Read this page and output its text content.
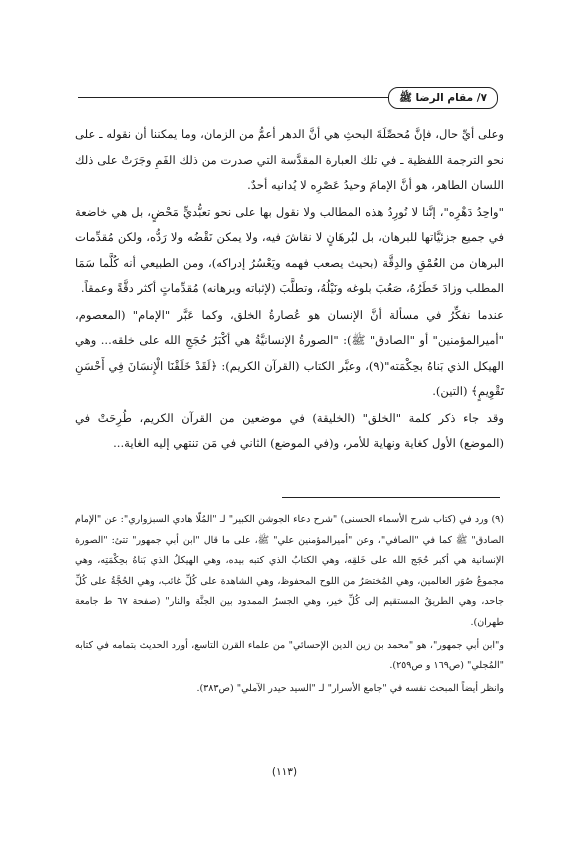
٧/ مقام الرضا ﷺ

وعلى أيِّ حال، فإنَّ مُحصِّلَةَ البحثِ هي أنَّ الدهر أعمُّ من الزمان، وما يمكننا أن نقوله ـ على نحو الترجمة اللفظية ـ في تلك العبارة المقدَّسة التي صدرت من ذلك الفَمِ وجَرَتْ على ذلك اللسان الطاهر، هو أنَّ الإمامَ وحيدُ عَصْرِه لا يُدانيه أحدٌ.

"واحِدُ دَهْرِه"، إنَّنا لا نُورِدُ هذه المطالب ولا نقول بها على نحو تعبُّديٍّ مَحْضٍ، بل هي خاضعة في جميع جزئيَّاتها للبرهان، بل لبُرهَانٍ لا نقاشَ فيه، ولا يمكن نَقْضُه ولا رَدُّه، ولكن مُقدِّمات البرهان من العُمْقِ والدِقَّة (بحيث يصعب فهمه ويَعْسُرُ إدراكه)، ومن الطبيعي أنه كُلَّما سَمَا المطلب وزادَ خَطَرُهُ، صَعُبَ بلوغه ونَيْلُهُ، وتطلَّبَ (لإثباته وبرهانه) مُقدِّماتٍ أكثر دقَّةً وعمقاً.

عندما نفكِّرُ في مسألة أنَّ الإنسان هو عُصارةُ الخلق، وكما عَبَّر "الإمام" (المعصوم، "أميرالمؤمنين" أو "الصادق" ﷺ): "الصورةُ الإنسانيَّةُ هي أكْبَرُ حُجَجِ الله على خلقه... وهي الهيكل الذي بَناهُ بحِكْمَته"(٩)، وعبَّر الكتاب (القرآن الكريم): ﴿لَقَدْ خَلَقْنَا الْإِنسَانَ فِي أَحْسَنِ تَقْوِيمٍ﴾ (التين).

وقد جاء ذكر كلمة "الخلق" (الخليقة) في موضعين من القرآن الكريم، طُرِحَتْ في (الموضع) الأول كغاية ونهاية للأمر، و(في الموضع) الثاني في مَن تنتهي إليه الغاية...

(٩) ورد في (كتاب شرح الأسماء الحسنى) "شرح دعاء الجوشن الكبير" لـ "المُلّا هادي السبزواري": عن "الإمام الصادق" ﷺ كما في "الصافي"، وعن "أميرالمؤمنين علي" ﷺ، على ما قال "ابن أبي جمهور" تتئ: "الصورة الإنسانية هي أكبر حُجَج الله على خَلقِه، وهي الكتابُ الذي كتبه بيده، وهي الهيكلُ الذي بَناهُ بحِكْمَتِه، وهي مجموعُ صُوَر العالمين، وهي المُختصَرُ من اللوح المحفوظ، وهي الشاهدة على كُلِّ غائب، وهي الحُجَّةُ على كُلِّ جاحد، وهي الطريقُ المستقيم إلى كُلِّ خير، وهي الجسرُ الممدود بين الجنَّة والنار" (صفحة ٦٧ ط جامعة طهران).

و"ابن أبي جمهور"، هو "محمد بن زين الدين الإحسائي" من علماء القرن التاسع، أورد الحديث بتمامه في كتابه "المُجلي" (ص١٦٩ و ص٢٥٩).

وانظر أيضاً المبحث نفسه في "جامع الأسرار" لـ "السيد حيدر الآملي" (ص٣٨٣).

(١١٣)
